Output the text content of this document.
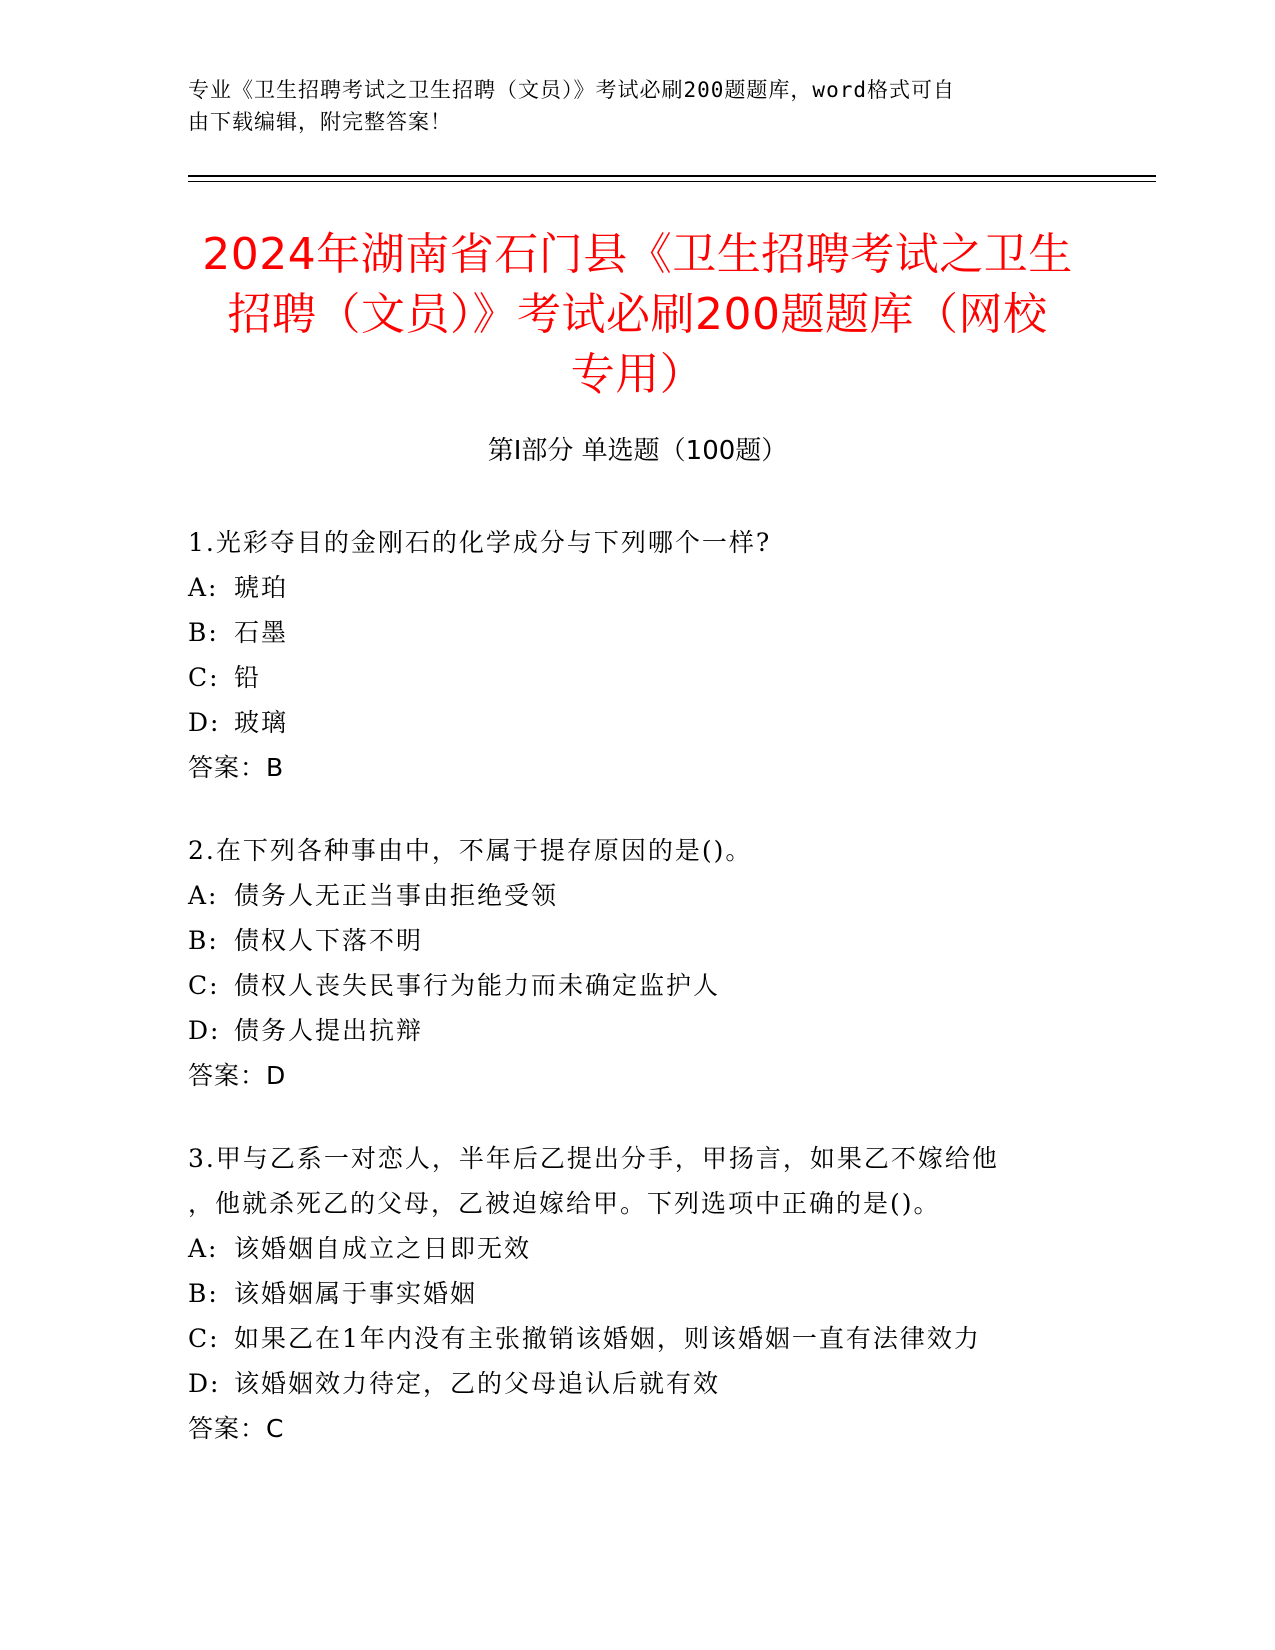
专业《卫生招聘考试之卫生招聘（文员）》考试必刷200题题库，word格式可自
由下载编辑，附完整答案！
2024年湖南省石门县《卫生招聘考试之卫生
招聘（文员）》考试必刷200题题库（网校
专用）
第Ⅰ部分 单选题（100题）
1.光彩夺目的金刚石的化学成分与下列哪个一样?
A: 琥珀
B: 石墨
C: 铅
D: 玻璃
答案：B
2.在下列各种事由中，不属于提存原因的是()。
A: 债务人无正当事由拒绝受领
B: 债权人下落不明
C: 债权人丧失民事行为能力而未确定监护人
D: 债务人提出抗辩
答案：D
3.甲与乙系一对恋人，半年后乙提出分手，甲扬言，如果乙不嫁给他
，他就杀死乙的父母，乙被迫嫁给甲。下列选项中正确的是()。
A: 该婚姻自成立之日即无效
B: 该婚姻属于事实婚姻
C: 如果乙在1年内没有主张撤销该婚姻，则该婚姻一直有法律效力
D: 该婚姻效力待定，乙的父母追认后就有效
答案：C
